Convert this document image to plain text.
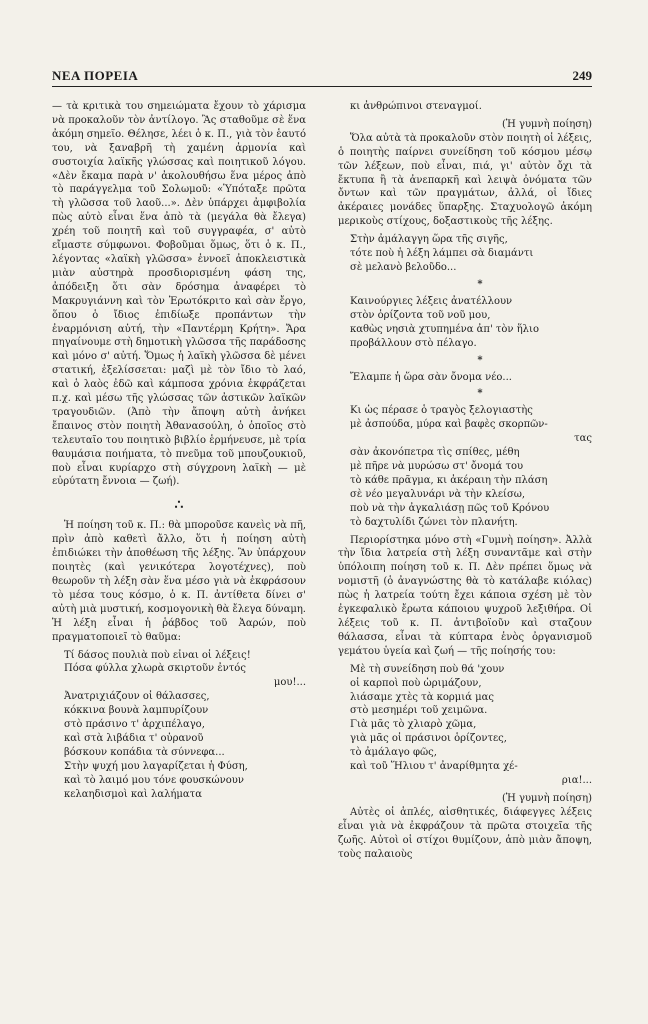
ΝΕΑ ΠΟΡΕΙΑ	249

— τὰ κριτικὰ του σημειώματα ἔχουν τὸ χάρισμα νὰ προκαλοῦν τὸν ἀντίλογο. Ἂς σταθοῦμε σὲ ἕνα ἀκόμη σημεῖο. Θέλησε, λέει ὁ κ. Π., γιὰ τὸν ἑαυτό του, νὰ ξαναβρῆ τὴ χαμένη ἁρμονία καὶ συστοιχία λαϊκῆς γλώσσας καὶ ποιητικοῦ λόγου. «Δὲν ἔκαμα παρὰ ν' ἀκολουθήσω ἕνα μέρος ἀπὸ τὸ παράγγελμα τοῦ Σολωμοῦ: «Ὑπόταξε πρῶτα τὴ γλῶσσα τοῦ λαοῦ...». Δὲν ὑπάρχει ἀμφιβολία πὼς αὐτὸ εἶναι ἕνα ἀπὸ τὰ (μεγάλα θὰ ἔλεγα) χρέη τοῦ ποιητῆ καὶ τοῦ συγγραφέα, σ' αὐτὸ εἴμαστε σύμφωνοι. Φοβοῦμαι ὅμως, ὅτι ὁ κ. Π., λέγοντας «λαϊκὴ γλῶσσα» ἐννοεῖ ἀποκλειστικὰ μιὰν αὐστηρὰ προσδιορισμένη φάση της, ἀπόδειξη ὅτι σὰν δρόσημα ἀναφέρει τὸ Μακρυγιάννη καὶ τὸν Ἐρωτόκριτο καὶ σὰν ἔργο, ὅπου ὁ ἴδιος ἐπιδίωξε προπάντων τὴν ἐναρμόνιση αὐτή, τὴν «Παντέρμη Κρήτη». Ἄρα πηγαίνουμε στὴ δημοτικὴ γλῶσσα τῆς παράδοσης καὶ μόνο σ' αὐτή. Ὅμως ἡ λαϊκὴ γλῶσσα δὲ μένει στατική, ἐξελίσσεται: μαζὶ μὲ τὸν ἴδιο τὸ λαό, καὶ ὁ λαὸς ἐδῶ καὶ κάμποσα χρόνια ἐκφράζεται π.χ. καὶ μέσω τῆς γλώσσας τῶν ἀστικῶν λαϊκῶν τραγουδιῶν. (Ἀπὸ τὴν ἄποψη αὐτὴ ἀνήκει ἔπαινος στὸν ποιητὴ Ἀθανασούλη, ὁ ὁποῖος στὸ τελευταῖο του ποιητικὸ βιβλίο ἑρμήνευσε, μὲ τρία θαυμάσια ποιήματα, τὸ πνεῦμα τοῦ μπουζουκιοῦ, ποὺ εἶναι κυρίαρχο στὴ σύγχρονη λαϊκὴ — μὲ εὐρύτατη ἔννοια — ζωή).

∴

Ἡ ποίηση τοῦ κ. Π.: θὰ μποροῦσε κανεὶς νὰ πῆ, πρὶν ἀπὸ καθετὶ ἄλλο, ὅτι ἡ ποίηση αὐτὴ ἐπιδιώκει τὴν ἀποθέωση τῆς λέξης. Ἂν ὑπάρχουν ποιητὲς (καὶ γενικότερα λογοτέχνες), ποὺ θεωροῦν τὴ λέξη σὰν ἕνα μέσο γιὰ νὰ ἐκφράσουν τὸ μέσα τους κόσμο, ὁ κ. Π. ἀντίθετα δίνει σ' αὐτὴ μιὰ μυστική, κοσμογονικὴ θὰ ἔλεγα δύναμη. Ἡ λέξη εἶναι ἡ ῥάβδος τοῦ Ἀαρών, ποὺ πραγματοποιεῖ τὸ θαῦμα:

Τί δάσος πουλιὰ ποὺ εἶναι οἱ λέξεις!
Πόσα φύλλα χλωρὰ σκιρτοῦν ἐντός
μου!...
Ἀνατριχιάζουν οἱ θάλασσες,
κόκκινα βουνὰ λαμπυρίζουν
στὸ πράσινο τ' ἀρχιπέλαγο,
καὶ στὰ λιβάδια τ' οὐρανοῦ
βόσκουν κοπάδια τὰ σύννεφα...
Στὴν ψυχή μου λαγαρίζεται ἡ Φύση,
καὶ τὸ λαιμό μου τόνε φουσκώνουν
κελαηδισμοὶ καὶ λαλήματα
κι ἀνθρώπινοι στεναγμοί.
(Ἡ γυμνὴ ποίηση)

Ὅλα αὐτὰ τὰ προκαλοῦν στὸν ποιητὴ οἱ λέξεις, ὁ ποιητὴς παίρνει συνείδηση τοῦ κόσμου μέσῳ τῶν λέξεων, ποὺ εἶναι, πιά, γι' αὐτὸν ὄχι τὰ ἔκτυπα ἢ τὰ ἀνεπαρκῆ καὶ λειψὰ ὀνόματα τῶν ὄντων καὶ τῶν πραγμάτων, ἀλλά, οἱ ἴδιες ἀκέραιες μονάδες ὕπαρξης. Σταχυολογῶ ἀκόμη μερικοὺς στίχους, δοξαστικοὺς τῆς λέξης.

Στὴν ἀμάλαγγη ὥρα τῆς σιγῆς,
τότε ποὺ ἡ λέξη λάμπει σὰ διαμάντι
σὲ μελανὸ βελοῦδο...
*
Καινούργιες λέξεις ἀνατέλλουν
στὸν ὁρίζοντα τοῦ νοῦ μου,
καθὼς νησιὰ χτυπημένα ἀπ' τὸν ἥλιο
προβάλλουν στὸ πέλαγο.
*
Ἔλαμπε ἡ ὥρα σὰν ὄνομα νέο...
*
Κι ὡς πέρασε ὁ τραγὸς ξελογιαστὴς
μὲ ἀσπούδα, μύρα καὶ βαφὲς σκορπῶν-
τας
σὰν ἀκονόπετρα τὶς σπίθες, μέθη
μὲ πῆρε νὰ μυρώσω στ' ὄνομά του
τὸ κάθε πρᾶγμα, κι ἀκέραιη τὴν πλάση
σὲ νέο μεγαλυνάρι νὰ τὴν κλείσω,
ποὺ νὰ τὴν ἀγκαλιάσῃ πῶς τοῦ Κρόνου
τὸ δαχτυλίδι ζώνει τὸν πλανήτη.

Περιορίστηκα μόνο στὴ «Γυμνὴ ποίηση». Ἀλλὰ τὴν ἴδια λατρεία στὴ λέξη συναντᾶμε καὶ στὴν ὑπόλοιπη ποίηση τοῦ κ. Π. Δὲν πρέπει ὅμως νὰ νομιστῆ (ὁ ἀναγνώστης θὰ τὸ κατάλαβε κιόλας) πὼς ἡ λατρεία τούτη ἔχει κάποια σχέση μὲ τὸν ἐγκεφαλικὸ ἔρωτα κάποιου ψυχροῦ λεξιθήρα. Οἱ λέξεις τοῦ κ. Π. ἀντιβοϊοῦν καὶ σταζουν θάλασσα, εἶναι τὰ κύπταρα ἑνὸς ὀργανισμοῦ γεμάτου ὑγεία καὶ ζωή — τῆς ποίησής του:

Μὲ τὴ συνείδηση ποὺ θά 'χουν
οἱ καρποὶ ποὺ ὡριμάζουν,
λιάσαμε χτὲς τὰ κορμιά μας
στὸ μεσημέρι τοῦ χειμῶνα.
Γιὰ μᾶς τὸ χλιαρὸ χῶμα,
γιὰ μᾶς οἱ πράσινοι ὁρίζοντες,
τὸ ἀμάλαγο φῶς,
καὶ τοῦ Ἥλιου τ' ἀναρίθμητα χέ-
ρια!...
(Ἡ γυμνὴ ποίηση)

Αὐτὲς οἱ ἁπλές, αἰσθητικές, διάφεγγες λέξεις εἶναι γιὰ νὰ ἐκφράζουν τὰ πρῶτα στοιχεῖα τῆς ζωῆς. Αὐτοὶ οἱ στίχοι θυμίζουν, ἀπὸ μιὰν ἄποψη, τοὺς παλαιοὺς
